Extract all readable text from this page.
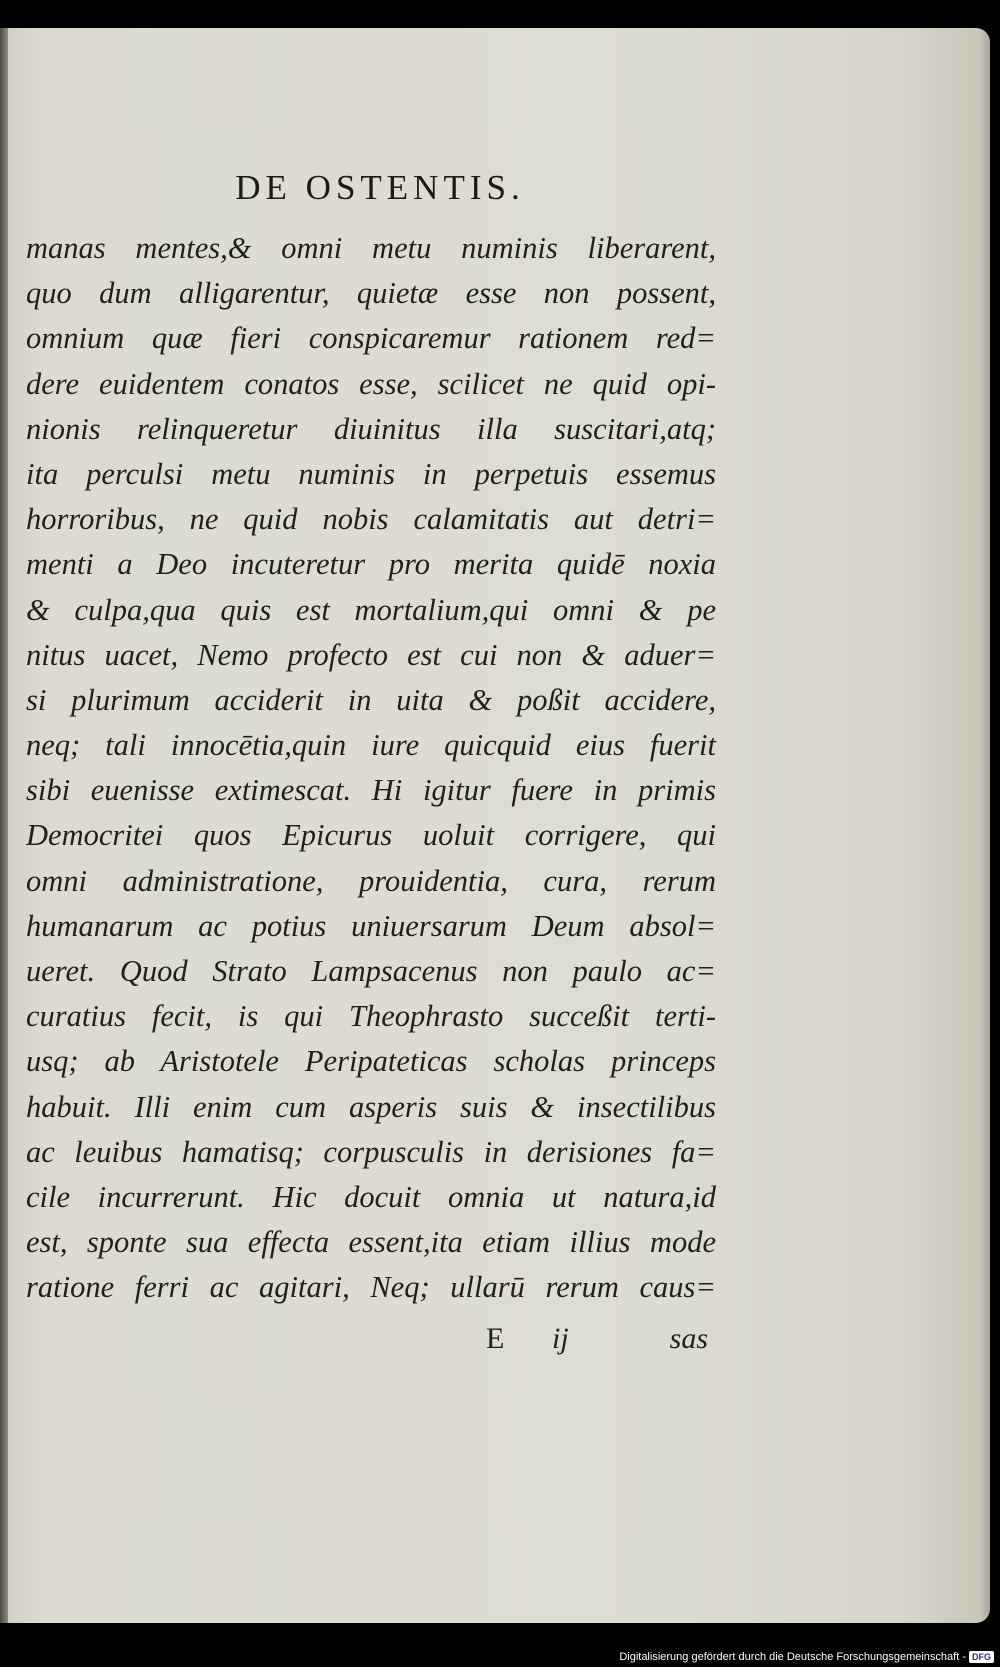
DE OSTENTIS.
manas mentes,& omni metu numinis liberarent,
quo dum alligarentur, quietæ esse non possent,
omnium quæ fieri conspicaremur rationem red=
dere euidentem conatos esse, scilicet ne quid opi-
nionis relinqueretur diuinitus illa suscitari,atq;
ita perculsi metu numinis in perpetuis essemus
horroribus, ne quid nobis calamitatis aut detri=
menti a Deo incuteretur pro merita quidē noxia
& culpa,qua quis est mortalium,qui omni & pe
nitus uacet, Nemo profecto est cui non & aduer=
si plurimum acciderit in uita & poßit accidere,
neq; tali innocētia,quin iure quicquid eius fuerit
sibi euenisse extimescat. Hi igitur fuere in primis
Democritei quos Epicurus uoluit corrigere, qui
omni administratione, prouidentia, cura, rerum
humanarum ac potius uniuersarum Deum absol=
ueret. Quod Strato Lampsacenus non paulo ac=
curatius fecit, is qui Theophrasto succeßit terti-
usq; ab Aristotele Peripateticas scholas princeps
habuit. Illi enim cum asperis suis & insectilibus
ac leuibus hamatisq; corpusculis in derisiones fa=
cile incurrerunt. Hic docuit omnia ut natura,id
est, sponte sua effecta essent,ita etiam illius mode
ratione ferri ac agitari, Neq; ullarū rerum caus=
E ij	sas
Digitalisierung gefördert durch die Deutsche Forschungsgemeinschaft - DFG
